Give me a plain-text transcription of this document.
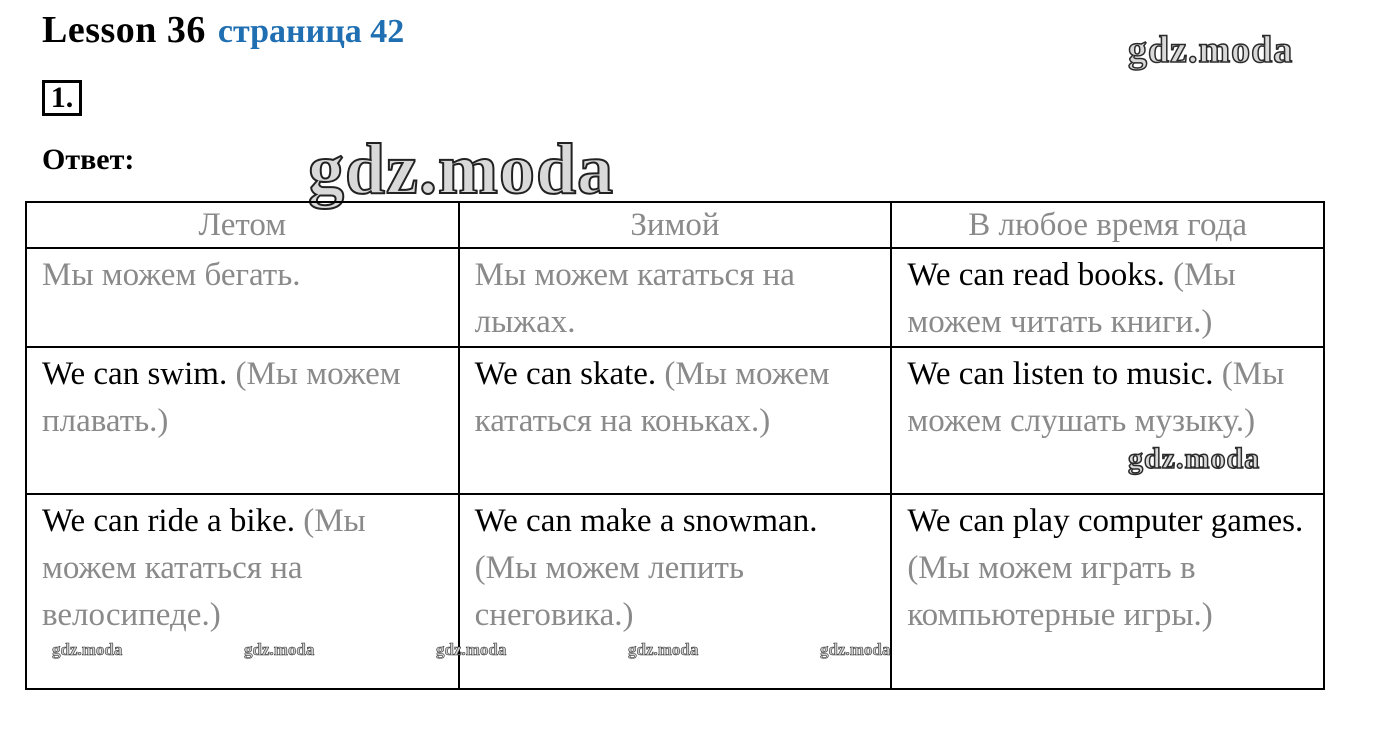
Lesson 36 страница 42
1.
Ответ: gdz.moda
gdz.moda
Летом	Зимой	В любое время года
Мы можем бегать.	Мы можем кататься на лыжах.	We can read books. (Мы можем читать книги.)
We can swim. (Мы можем плавать.)	We can skate. (Мы можем кататься на коньках.)	We can listen to music. (Мы можем слушать музыку.)
We can ride a bike. (Мы можем кататься на велосипеде.)	We can make a snowman. (Мы можем лепить снеговика.)	We can play computer games. (Мы можем играть в компьютерные игры.)
gdz.moda
gdz.moda	gdz.moda	gdz.moda	gdz.moda	gdz.moda
